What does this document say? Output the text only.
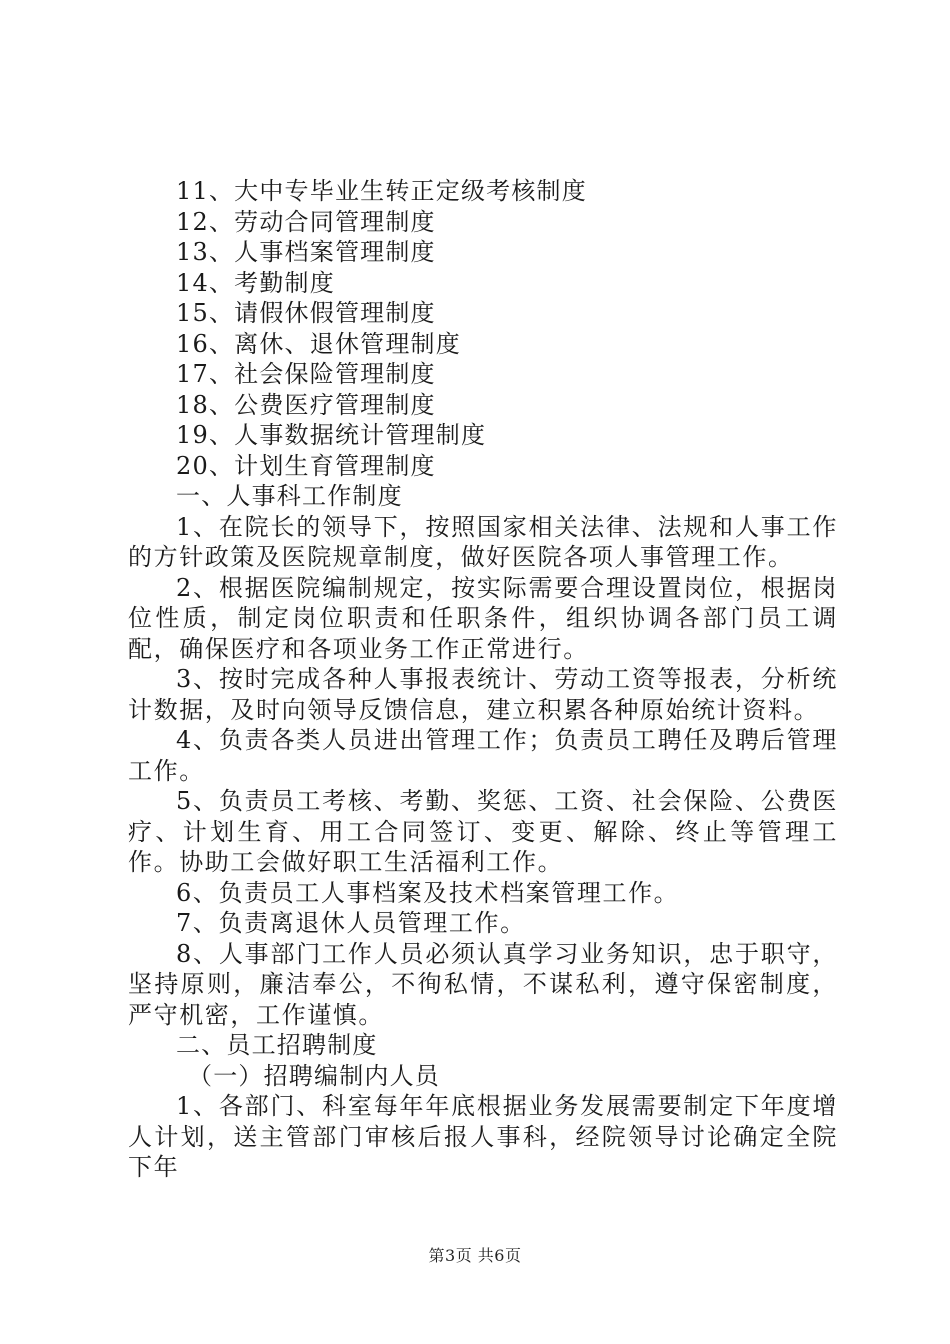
11、大中专毕业生转正定级考核制度
12、劳动合同管理制度
13、人事档案管理制度
14、考勤制度
15、请假休假管理制度
16、离休、退休管理制度
17、社会保险管理制度
18、公费医疗管理制度
19、人事数据统计管理制度
20、计划生育管理制度
一、人事科工作制度

1、在院长的领导下，按照国家相关法律、法规和人事工作的方针政策及医院规章制度，做好医院各项人事管理工作。

2、根据医院编制规定，按实际需要合理设置岗位，根据岗位性质，制定岗位职责和任职条件，组织协调各部门员工调配，确保医疗和各项业务工作正常进行。

3、按时完成各种人事报表统计、劳动工资等报表，分析统计数据，及时向领导反馈信息，建立积累各种原始统计资料。

4、负责各类人员进出管理工作；负责员工聘任及聘后管理工作。

5、负责员工考核、考勤、奖惩、工资、社会保险、公费医疗、计划生育、用工合同签订、变更、解除、终止等管理工作。协助工会做好职工生活福利工作。

6、负责员工人事档案及技术档案管理工作。

7、负责离退休人员管理工作。

8、人事部门工作人员必须认真学习业务知识，忠于职守，坚持原则，廉洁奉公，不徇私情，不谋私利，遵守保密制度，严守机密，工作谨慎。

二、员工招聘制度
（一）招聘编制内人员

1、各部门、科室每年年底根据业务发展需要制定下年度增人计划，送主管部门审核后报人事科，经院领导讨论确定全院下年

第3页 共6页
